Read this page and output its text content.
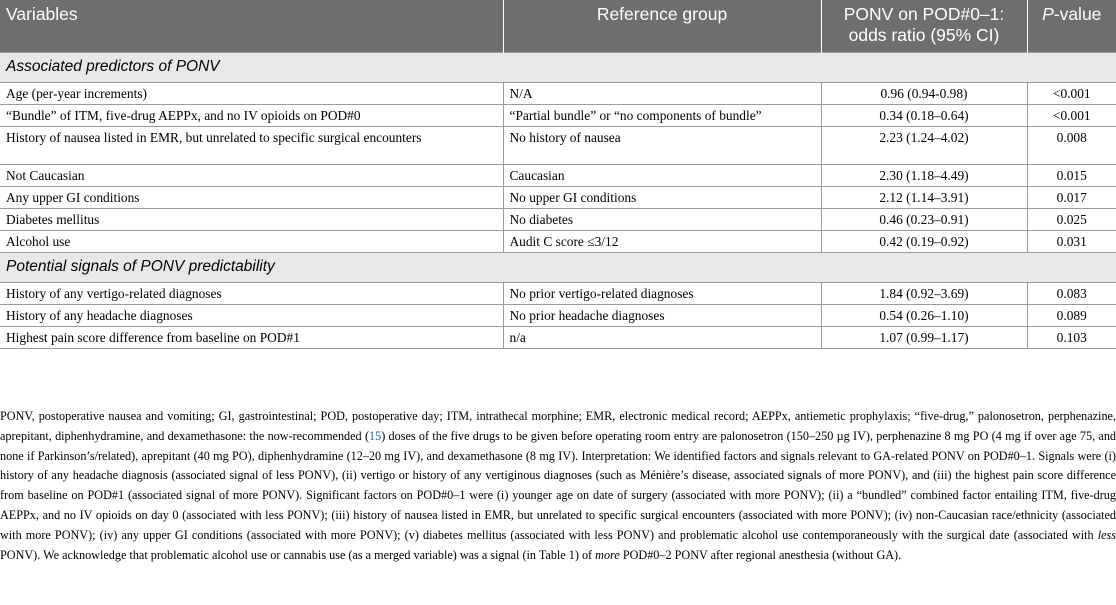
Variables	Reference group	PONV on POD#0–1: odds ratio (95% CI)	P-value
Associated predictors of PONV			
Age (per-year increments)	N/A	0.96 (0.94-0.98)	<0.001
“Bundle” of ITM, five-drug AEPPx, and no IV opioids on POD#0	“Partial bundle” or “no components of bundle”	0.34 (0.18–0.64)	<0.001
History of nausea listed in EMR, but unrelated to specific surgical encounters	No history of nausea	2.23 (1.24–4.02)	0.008
Not Caucasian	Caucasian	2.30 (1.18–4.49)	0.015
Any upper GI conditions	No upper GI conditions	2.12 (1.14–3.91)	0.017
Diabetes mellitus	No diabetes	0.46 (0.23–0.91)	0.025
Alcohol use	Audit C score ≤3/12	0.42 (0.19–0.92)	0.031
Potential signals of PONV predictability			
History of any vertigo-related diagnoses	No prior vertigo-related diagnoses	1.84 (0.92–3.69)	0.083
History of any headache diagnoses	No prior headache diagnoses	0.54 (0.26–1.10)	0.089
Highest pain score difference from baseline on POD#1	n/a	1.07 (0.99–1.17)	0.103

PONV, postoperative nausea and vomiting; GI, gastrointestinal; POD, postoperative day; ITM, intrathecal morphine; EMR, electronic medical record; AEPPx, antiemetic prophylaxis; “five-drug,” palonosetron, perphenazine, aprepitant, diphenhydramine, and dexamethasone: the now-recommended (15) doses of the five drugs to be given before operating room entry are palonosetron (150–250 µg IV), perphenazine 8 mg PO (4 mg if over age 75, and none if Parkinson’s/related), aprepitant (40 mg PO), diphenhydramine (12–20 mg IV), and dexamethasone (8 mg IV). Interpretation: We identified factors and signals relevant to GA-related PONV on POD#0–1. Signals were (i) history of any headache diagnosis (associated signal of less PONV), (ii) vertigo or history of any vertiginous diagnoses (such as Ménière’s disease, associated signals of more PONV), and (iii) the highest pain score difference from baseline on POD#1 (associated signal of more PONV). Significant factors on POD#0–1 were (i) younger age on date of surgery (associated with more PONV); (ii) a “bundled” combined factor entailing ITM, five-drug AEPPx, and no IV opioids on day 0 (associated with less PONV); (iii) history of nausea listed in EMR, but unrelated to specific surgical encounters (associated with more PONV); (iv) non-Caucasian race/ethnicity (associated with more PONV); (iv) any upper GI conditions (associated with more PONV); (v) diabetes mellitus (associated with less PONV) and problematic alcohol use contemporaneously with the surgical date (associated with less PONV). We acknowledge that problematic alcohol use or cannabis use (as a merged variable) was a signal (in Table 1) of more POD#0–2 PONV after regional anesthesia (without GA).
